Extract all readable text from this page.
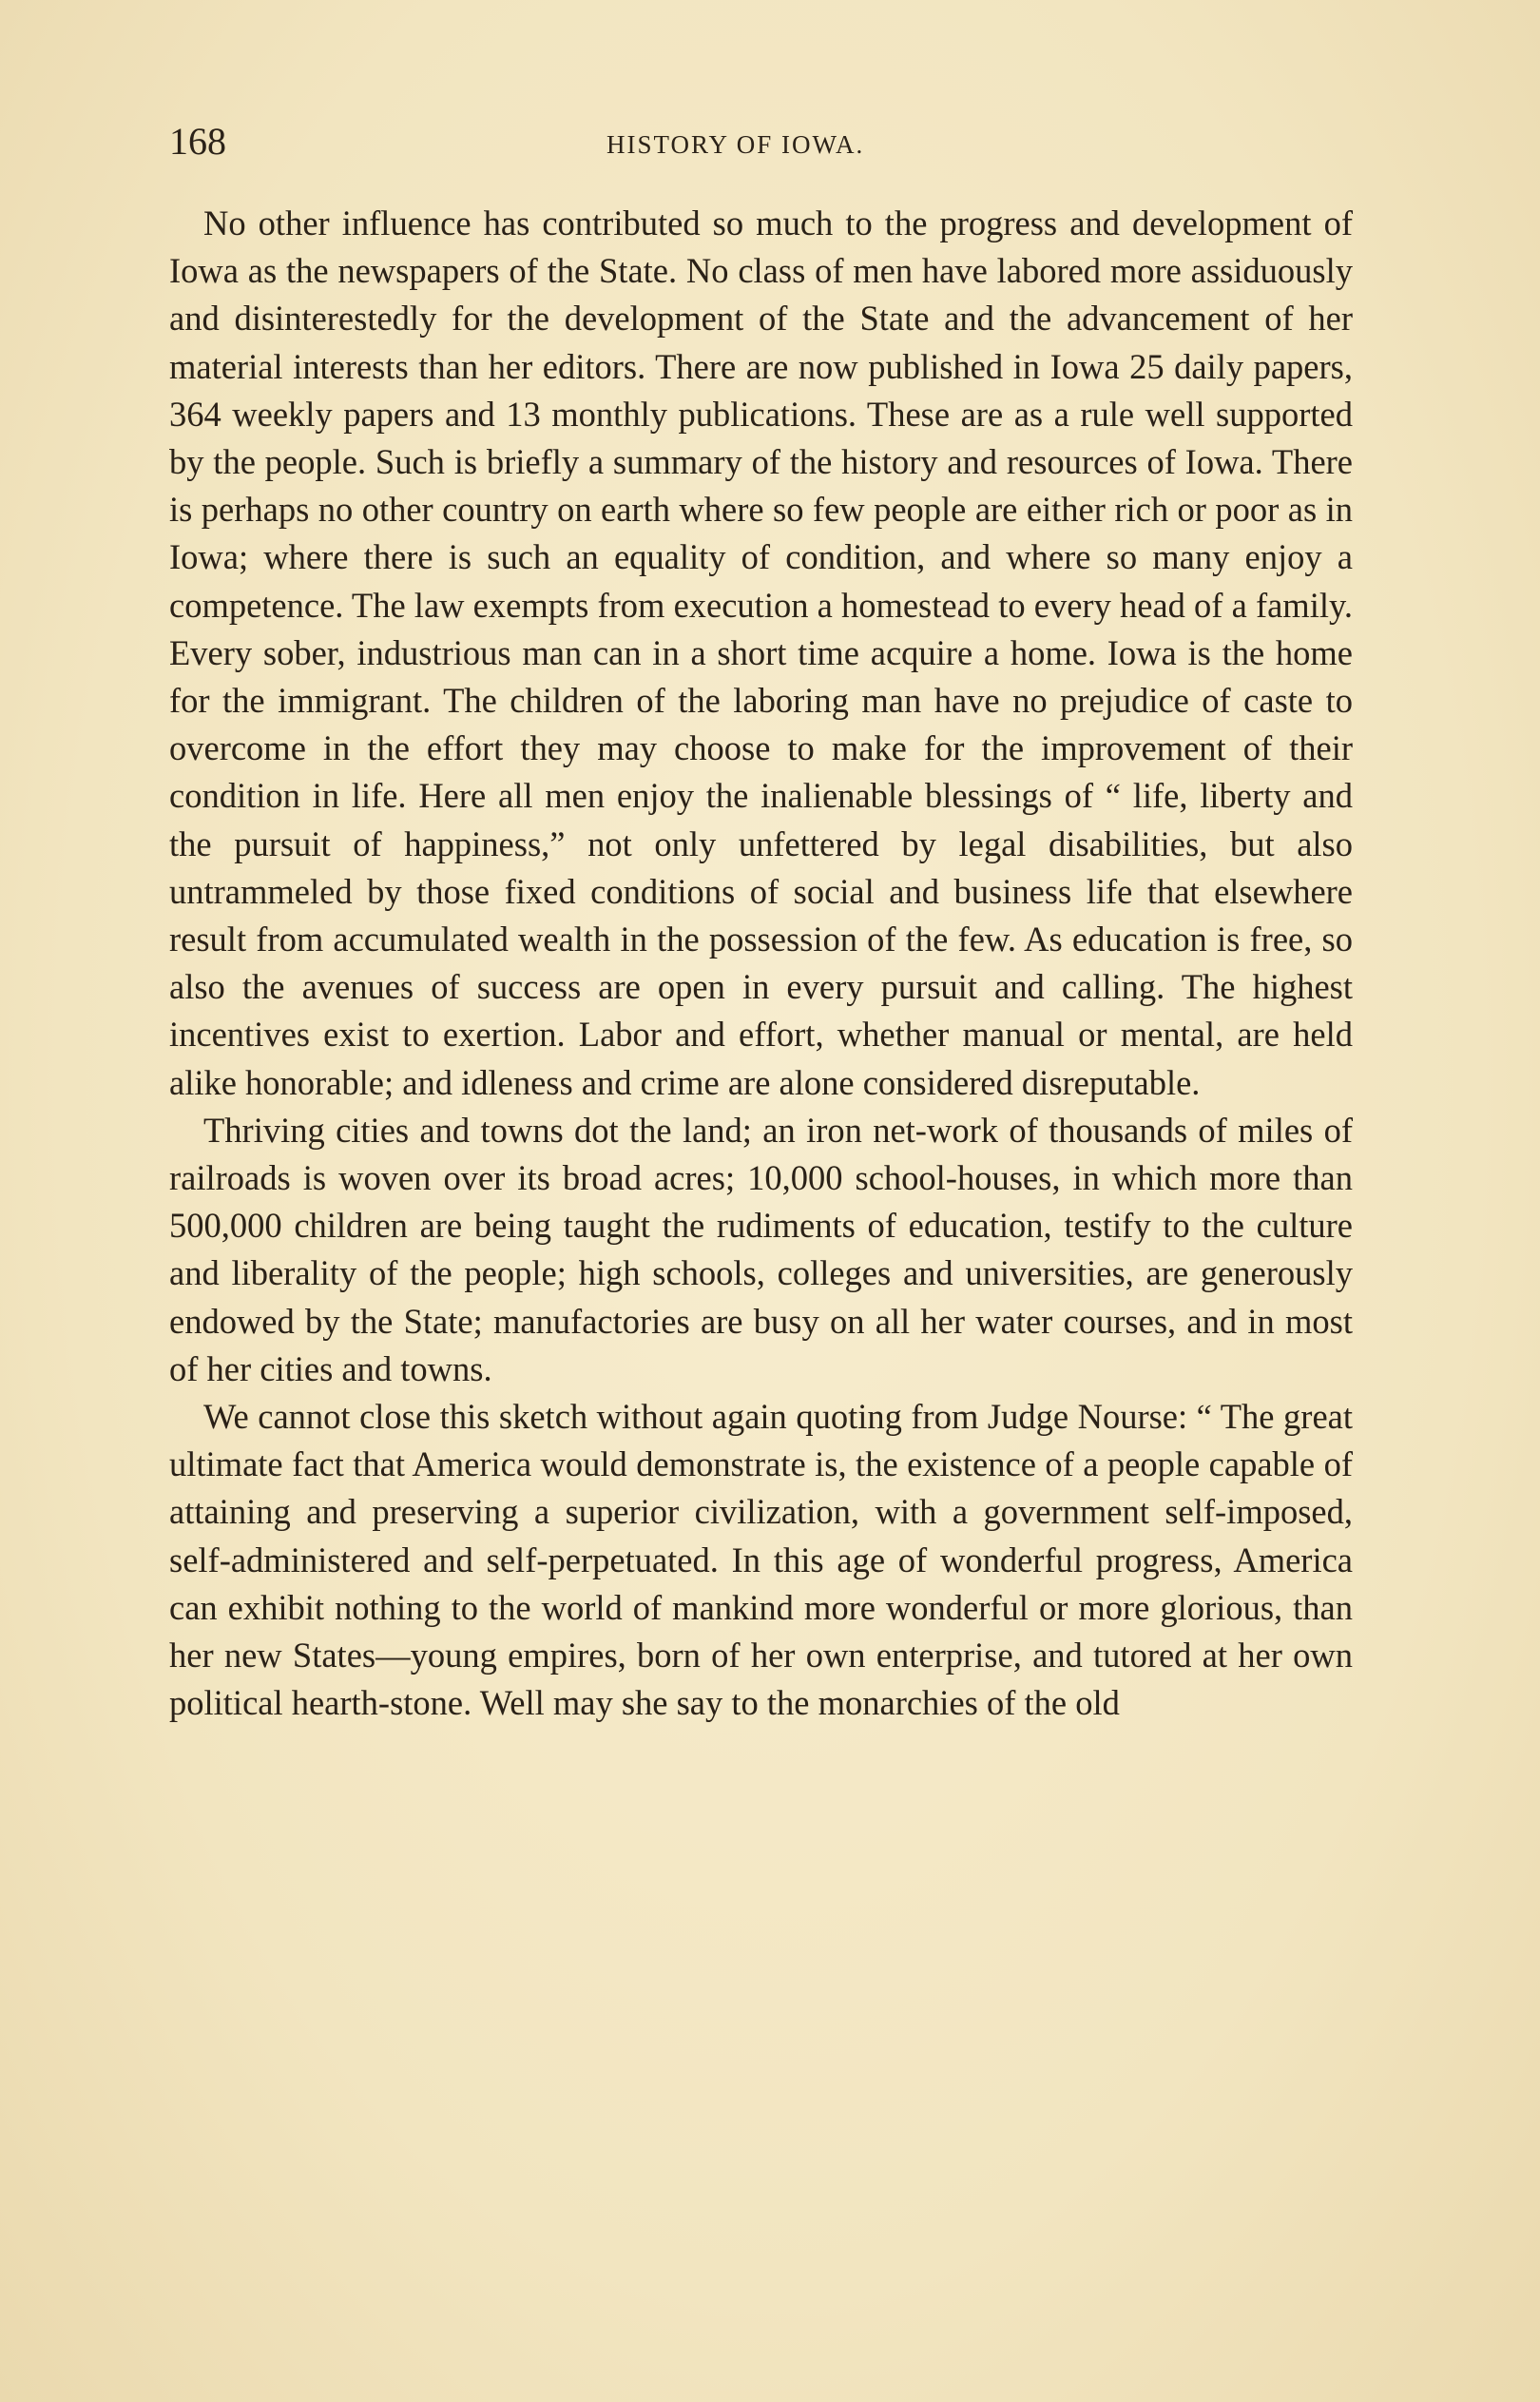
168	HISTORY OF IOWA.

No other influence has contributed so much to the progress and development of Iowa as the newspapers of the State. No class of men have labored more assiduously and disinterestedly for the development of the State and the advancement of her material interests than her editors. There are now published in Iowa 25 daily papers, 364 weekly papers and 13 monthly publications. These are as a rule well supported by the people. Such is briefly a summary of the history and resources of Iowa. There is perhaps no other country on earth where so few people are either rich or poor as in Iowa; where there is such an equality of condition, and where so many enjoy a competence. The law exempts from execution a homestead to every head of a family. Every sober, industrious man can in a short time acquire a home. Iowa is the home for the immigrant. The children of the laboring man have no prejudice of caste to overcome in the effort they may choose to make for the improvement of their condition in life. Here all men enjoy the inalienable blessings of “ life, liberty and the pursuit of happiness,” not only unfettered by legal disabilities, but also untrammeled by those fixed conditions of social and business life that elsewhere result from accumulated wealth in the possession of the few. As education is free, so also the avenues of success are open in every pursuit and calling. The highest incentives exist to exertion. Labor and effort, whether manual or mental, are held alike honorable; and idleness and crime are alone considered disreputable.

Thriving cities and towns dot the land; an iron net-work of thousands of miles of railroads is woven over its broad acres; 10,000 school-houses, in which more than 500,000 children are being taught the rudiments of education, testify to the culture and liberality of the people; high schools, colleges and universities, are generously endowed by the State; manufactories are busy on all her water courses, and in most of her cities and towns.

We cannot close this sketch without again quoting from Judge Nourse: “ The great ultimate fact that America would demonstrate is, the existence of a people capable of attaining and preserving a superior civilization, with a government self-imposed, self-administered and self-perpetuated. In this age of wonderful progress, America can exhibit nothing to the world of mankind more wonderful or more glorious, than her new States—young empires, born of her own enterprise, and tutored at her own political hearth-stone. Well may she say to the monarchies of the old
